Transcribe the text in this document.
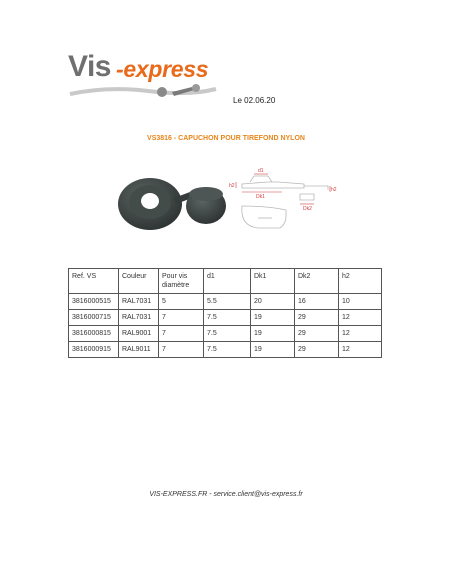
Vis -express
Le 02.06.20
VS3816 - CAPUCHON POUR TIREFOND NYLON
d1
h2
Dk1
h2
Dk2
Ref. VS	Couleur	Pour vis diamètre	d1	Dk1	Dk2	h2
3816000515	RAL7031	5	5.5	20	16	10
3816000715	RAL7031	7	7.5	19	29	12
3816000815	RAL9001	7	7.5	19	29	12
3816000915	RAL9011	7	7.5	19	29	12
VIS-EXPRESS.FR - service.client@vis-express.fr
